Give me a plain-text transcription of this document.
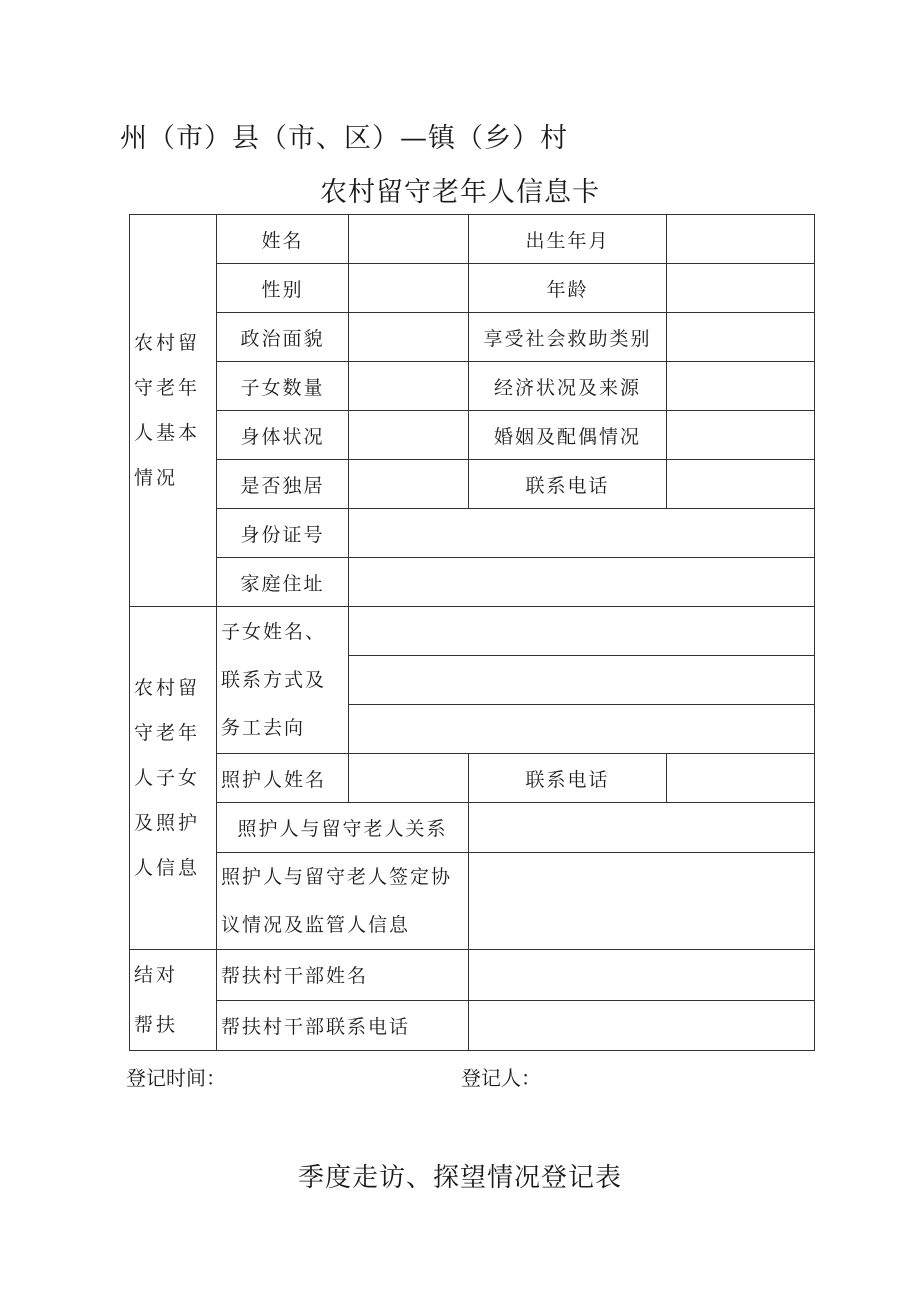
州（市）县（市、区）—镇（乡）村
农村留守老年人信息卡
农村留守老年人基本情况	姓名		出生年月	
	性别		年龄	
	政治面貌		享受社会救助类别	
	子女数量		经济状况及来源	
	身体状况		婚姻及配偶情况	
	是否独居		联系电话	
	身份证号			
	家庭住址			
农村留守老年人子女及照护人信息	子女姓名、联系方式及务工去向			

	照护人姓名		联系电话	
	照护人与留守老人关系			
	照护人与留守老人签定协议情况及监管人信息			
结对帮扶	帮扶村干部姓名			
	帮扶村干部联系电话			
登记时间：	登记人：
季度走访、探望情况登记表
